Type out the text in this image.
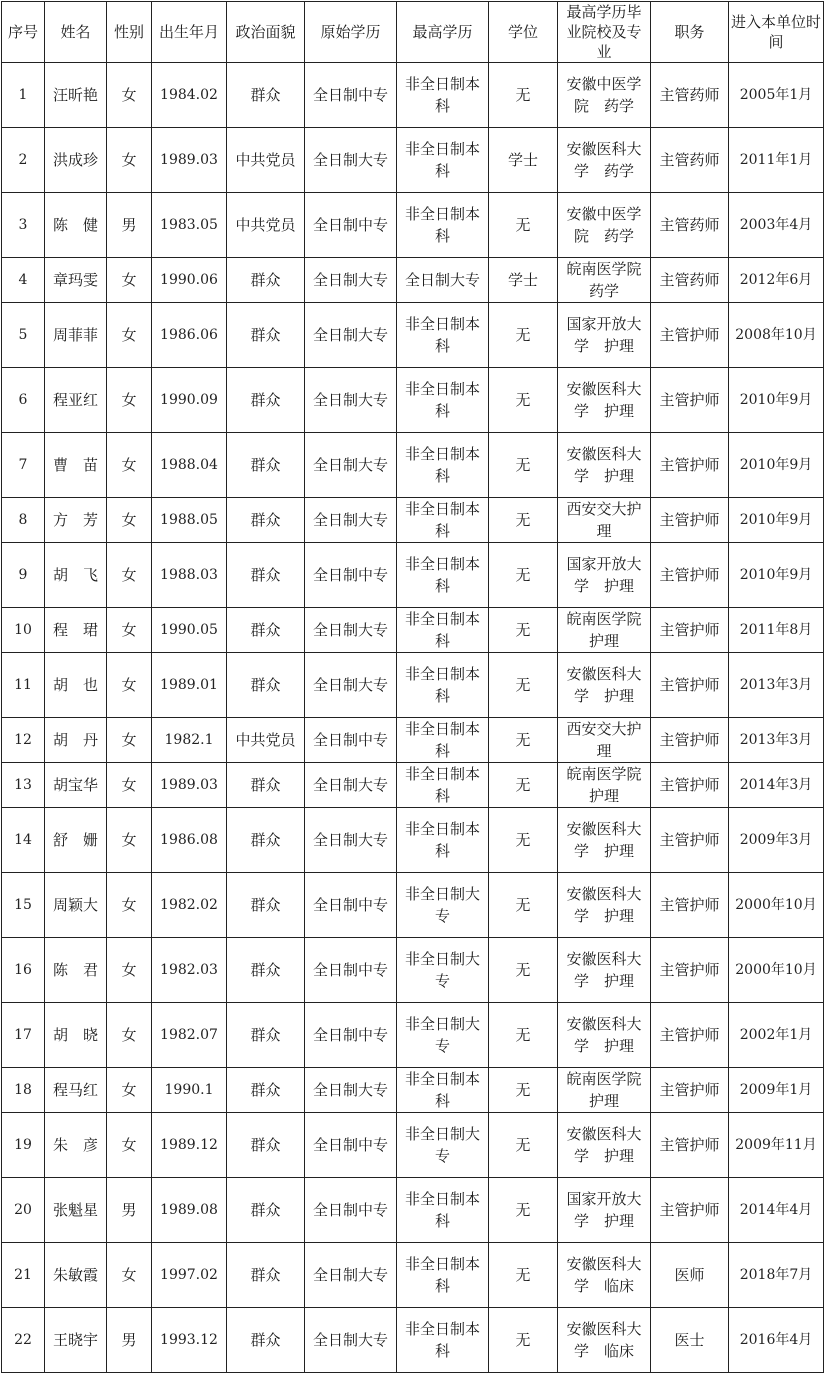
序号	姓名	性别	出生年月	政治面貌	原始学历	最高学历	学位	最高学历毕业院校及专业	职务	进入本单位时间
1	汪昕艳	女	1984.02	群众	全日制中专	非全日制本科	无	安徽中医学院　药学	主管药师	2005年1月
2	洪成珍	女	1989.03	中共党员	全日制大专	非全日制本科	学士	安徽医科大学　药学	主管药师	2011年1月
3	陈　健	男	1983.05	中共党员	全日制中专	非全日制本科	无	安徽中医学院　药学	主管药师	2003年4月
4	章玛雯	女	1990.06	群众	全日制大专	全日制大专	学士	皖南医学院药学	主管药师	2012年6月
5	周菲菲	女	1986.06	群众	全日制大专	非全日制本科	无	国家开放大学　护理	主管护师	2008年10月
6	程亚红	女	1990.09	群众	全日制大专	非全日制本科	无	安徽医科大学　护理	主管护师	2010年9月
7	曹　苗	女	1988.04	群众	全日制大专	非全日制本科	无	安徽医科大学　护理	主管护师	2010年9月
8	方　芳	女	1988.05	群众	全日制大专	非全日制本科	无	西安交大护理	主管护师	2010年9月
9	胡　飞	女	1988.03	群众	全日制中专	非全日制本科	无	国家开放大学　护理	主管护师	2010年9月
10	程　珺	女	1990.05	群众	全日制大专	非全日制本科	无	皖南医学院护理	主管护师	2011年8月
11	胡　也	女	1989.01	群众	全日制大专	非全日制本科	无	安徽医科大学　护理	主管护师	2013年3月
12	胡　丹	女	1982.1	中共党员	全日制中专	非全日制本科	无	西安交大护理	主管护师	2013年3月
13	胡宝华	女	1989.03	群众	全日制大专	非全日制本科	无	皖南医学院护理	主管护师	2014年3月
14	舒　姗	女	1986.08	群众	全日制大专	非全日制本科	无	安徽医科大学　护理	主管护师	2009年3月
15	周颖大	女	1982.02	群众	全日制中专	非全日制大专	无	安徽医科大学　护理	主管护师	2000年10月
16	陈　君	女	1982.03	群众	全日制中专	非全日制大专	无	安徽医科大学　护理	主管护师	2000年10月
17	胡　晓	女	1982.07	群众	全日制中专	非全日制大专	无	安徽医科大学　护理	主管护师	2002年1月
18	程马红	女	1990.1	群众	全日制大专	非全日制本科	无	皖南医学院护理	主管护师	2009年1月
19	朱　彦	女	1989.12	群众	全日制中专	非全日制大专	无	安徽医科大学　护理	主管护师	2009年11月
20	张魁星	男	1989.08	群众	全日制中专	非全日制本科	无	国家开放大学　护理	主管护师	2014年4月
21	朱敏霞	女	1997.02	群众	全日制大专	非全日制本科	无	安徽医科大学　临床	医师	2018年7月
22	王晓宇	男	1993.12	群众	全日制大专	非全日制本科	无	安徽医科大学　临床	医士	2016年4月
